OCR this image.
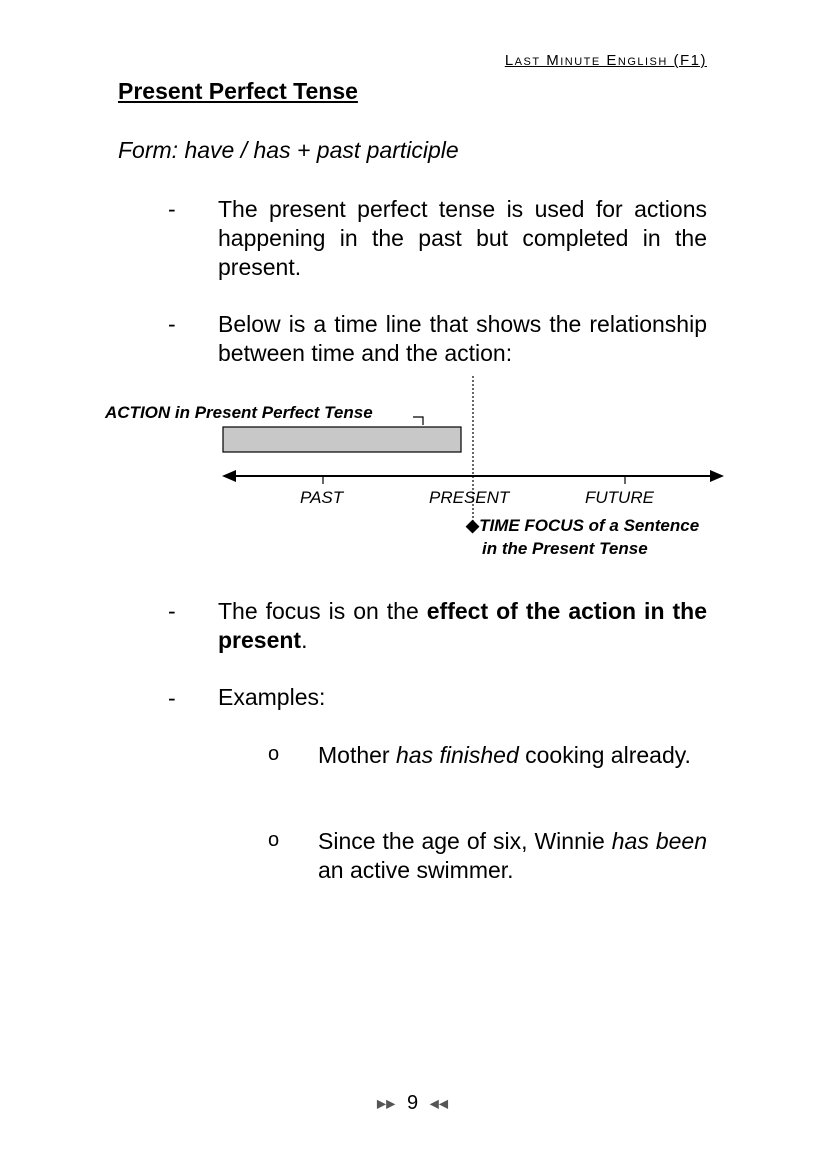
Last Minute English (F1)
Present Perfect Tense
Form: have / has + past participle
- The present perfect tense is used for actions happening in the past but completed in the present.
- Below is a time line that shows the relationship between time and the action:
ACTION in Present Perfect Tense
PAST	PRESENT	FUTURE
◆TIME FOCUS of a Sentence
in the Present Tense
- The focus is on the effect of the action in the present.
- Examples:
o Mother has finished cooking already.
o Since the age of six, Winnie has been an active swimmer.
▶▶ 9 ◀◀
